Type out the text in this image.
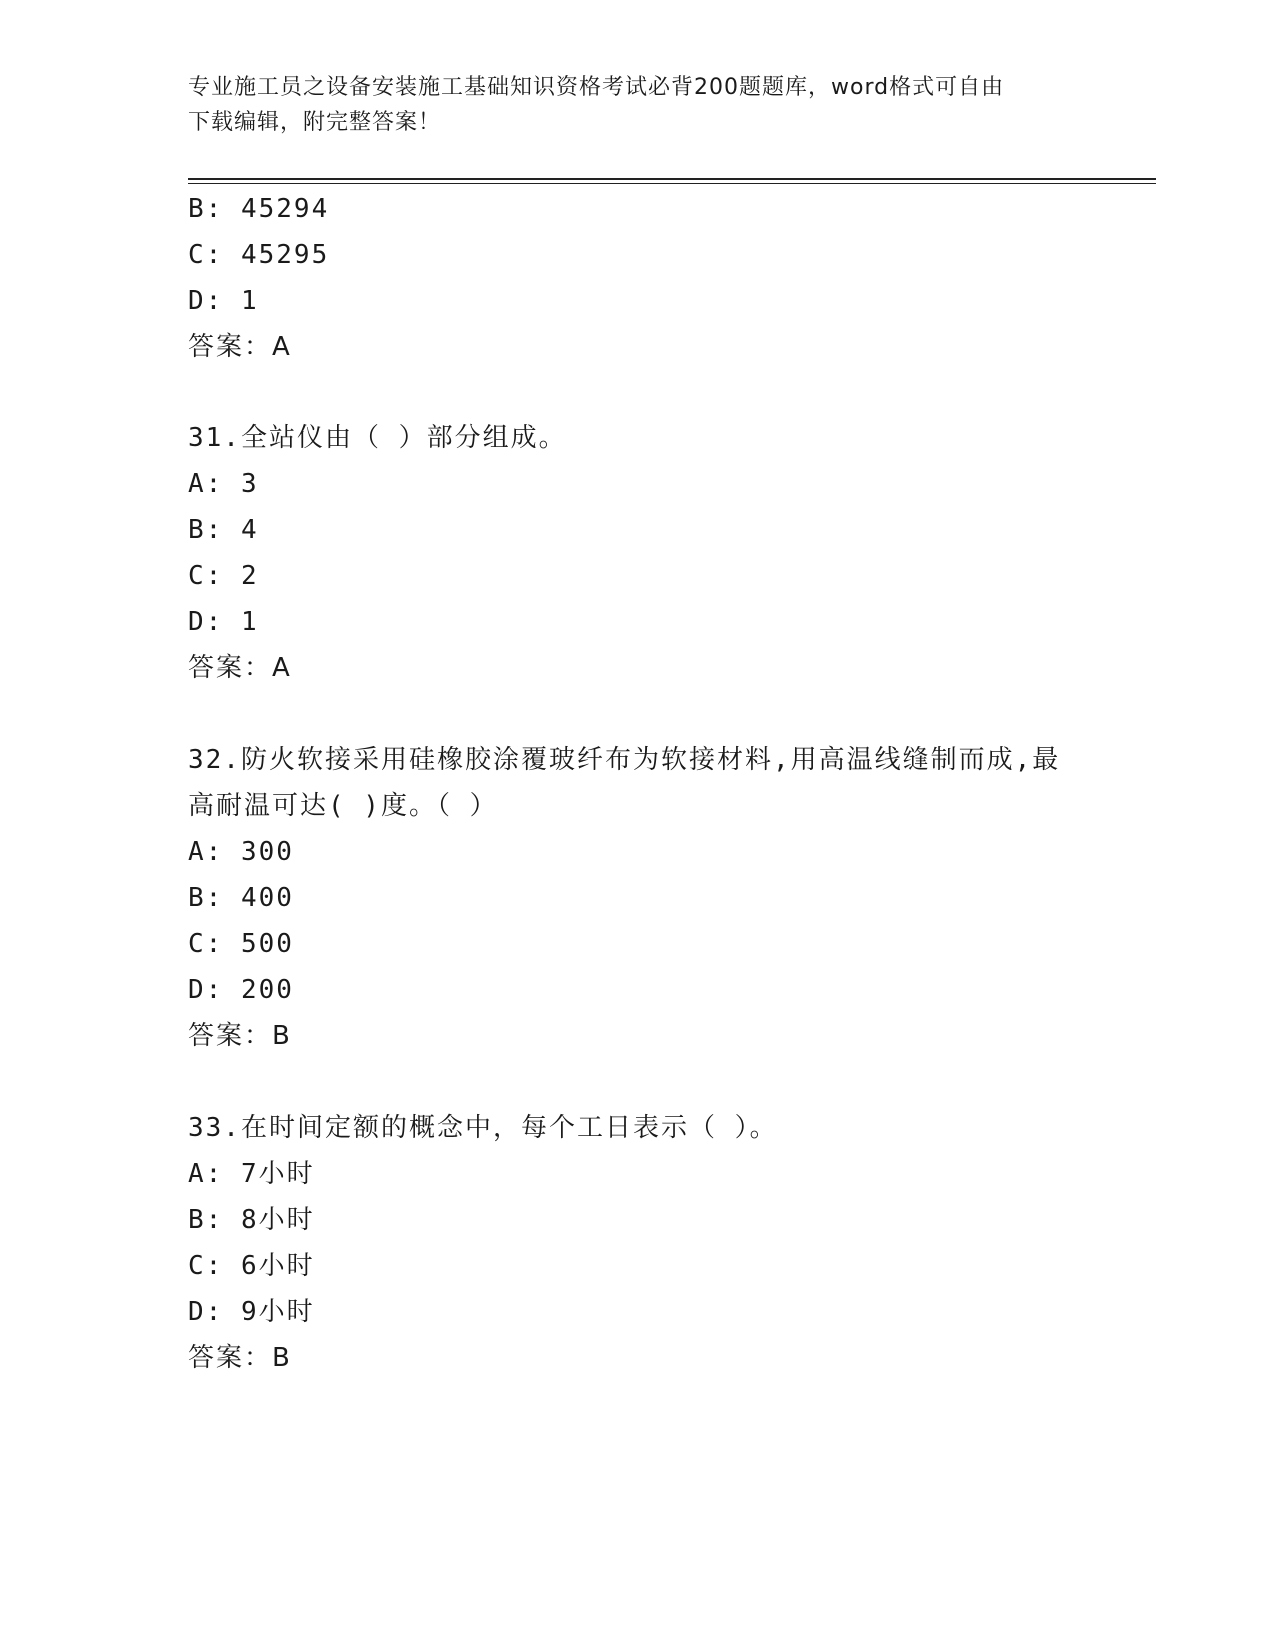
专业施工员之设备安装施工基础知识资格考试必背200题题库，word格式可自由
下载编辑，附完整答案！
B: 45294
C: 45295
D: 1
答案：A
31.全站仪由（ ）部分组成。
A: 3
B: 4
C: 2
D: 1
答案：A
32.防火软接采用硅橡胶涂覆玻纤布为软接材料,用高温线缝制而成,最
高耐温可达( )度。（ ）
A: 300
B: 400
C: 500
D: 200
答案：B
33.在时间定额的概念中，每个工日表示（ ）。
A: 7小时
B: 8小时
C: 6小时
D: 9小时
答案：B
